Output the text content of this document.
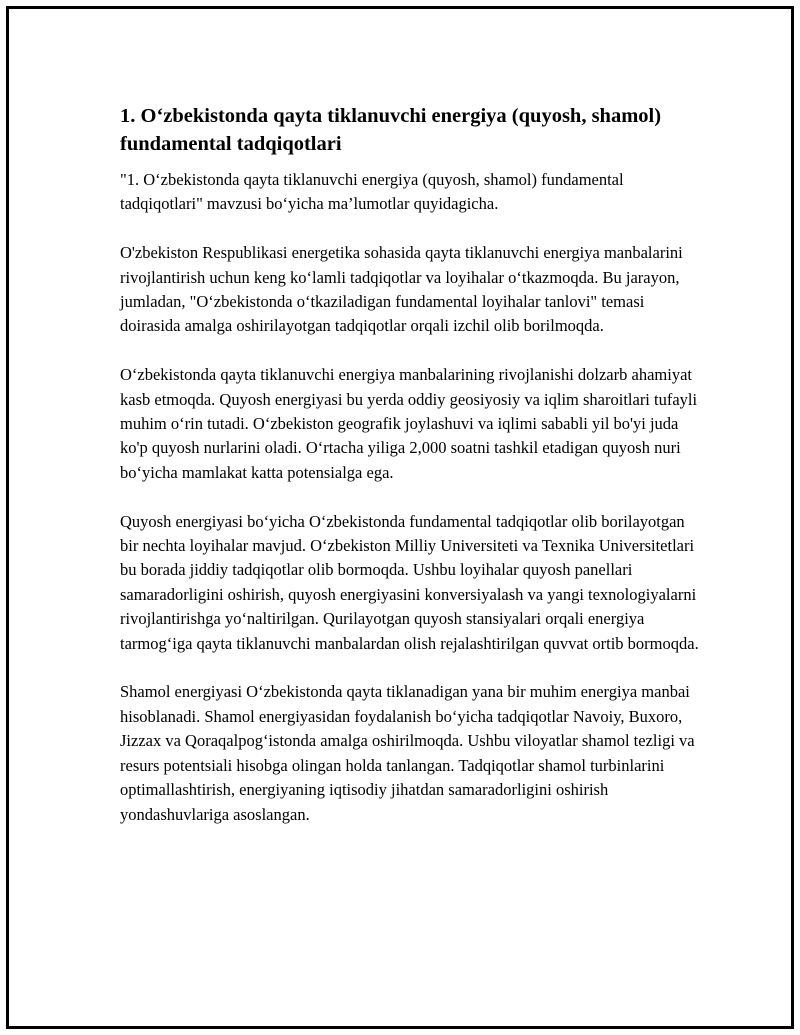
1. O‘zbekistonda qayta tiklanuvchi energiya (quyosh, shamol) fundamental tadqiqotlari

"1. O‘zbekistonda qayta tiklanuvchi energiya (quyosh, shamol) fundamental tadqiqotlari" mavzusi bo‘yicha ma’lumotlar quyidagicha.

O'zbekiston Respublikasi energetika sohasida qayta tiklanuvchi energiya manbalarini rivojlantirish uchun keng ko‘lamli tadqiqotlar va loyihalar o‘tkazmoqda. Bu jarayon, jumladan, "O‘zbekistonda o‘tkaziladigan fundamental loyihalar tanlovi" temasi doirasida amalga oshirilayotgan tadqiqotlar orqali izchil olib borilmoqda.

O‘zbekistonda qayta tiklanuvchi energiya manbalarining rivojlanishi dolzarb ahamiyat kasb etmoqda. Quyosh energiyasi bu yerda oddiy geosiyosiy va iqlim sharoitlari tufayli muhim o‘rin tutadi. O‘zbekiston geografik joylashuvi va iqlimi sababli yil bo'yi juda ko'p quyosh nurlarini oladi. O‘rtacha yiliga 2,000 soatni tashkil etadigan quyosh nuri bo‘yicha mamlakat katta potensialga ega.

Quyosh energiyasi bo‘yicha O‘zbekistonda fundamental tadqiqotlar olib borilayotgan bir nechta loyihalar mavjud. O‘zbekiston Milliy Universiteti va Texnika Universitetlari bu borada jiddiy tadqiqotlar olib bormoqda. Ushbu loyihalar quyosh panellari samaradorligini oshirish, quyosh energiyasini konversiyalash va yangi texnologiyalarni rivojlantirishga yo‘naltirilgan. Qurilayotgan quyosh stansiyalari orqali energiya tarmog‘iga qayta tiklanuvchi manbalardan olish rejalashtirilgan quvvat ortib bormoqda.

Shamol energiyasi O‘zbekistonda qayta tiklanadigan yana bir muhim energiya manbai hisoblanadi. Shamol energiyasidan foydalanish bo‘yicha tadqiqotlar Navoiy, Buxoro, Jizzax va Qoraqalpog‘istonda amalga oshirilmoqda. Ushbu viloyatlar shamol tezligi va resurs potentsiali hisobga olingan holda tanlangan. Tadqiqotlar shamol turbinlarini optimallashtirish, energiyaning iqtisodiy jihatdan samaradorligini oshirish yondashuvlariga asoslangan.
